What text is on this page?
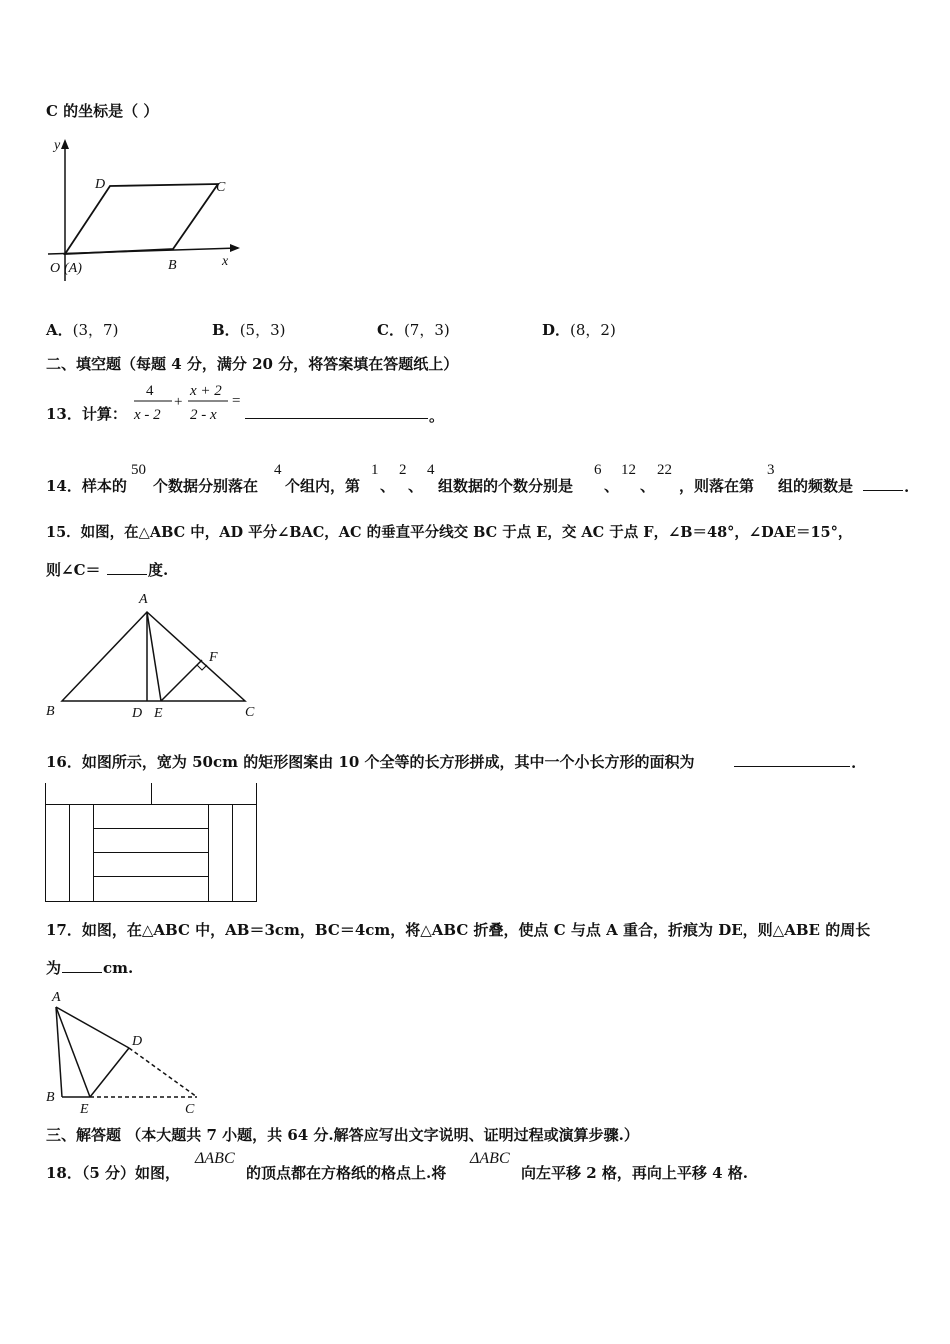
C 的坐标是（ ）
y
x
O (A)	B
C
D
A．(3，7)	B．(5，3)	C．(7，3)	D．(8，2)
二、填空题（每题 4 分，满分 20 分，将答案填在答题纸上）
13．计算：
4
x - 2
+
x + 2
2 - x
=
。
14．样本的
50
个数据分别落在
4
个组内，第
1
、
2
、
4
组数据的个数分别是
6
、
12
、
22
，则落在第
3
组的频数是	.
15．如图，在△ABC 中，AD 平分∠BAC，AC 的垂直平分线交 BC 于点 E，交 AC 于点 F，∠B＝48°，∠DAE＝15°，
则∠C＝	度.
A
B	C
D E
F
16．如图所示，宽为 50cm 的矩形图案由 10 个全等的长方形拼成，其中一个小长方形的面积为	.
17．如图，在△ABC 中，AB＝3cm，BC＝4cm，将△ABC 折叠，使点 C 与点 A 重合，折痕为 DE，则△ABE 的周长
为	cm.
A
B
C
D
E
三、解答题 （本大题共 7 小题，共 64 分.解答应写出文字说明、证明过程或演算步骤.）
18．（5 分）如图，
ΔABC
的顶点都在方格纸的格点上.将
ΔABC
向左平移 2 格，再向上平移 4 格.
